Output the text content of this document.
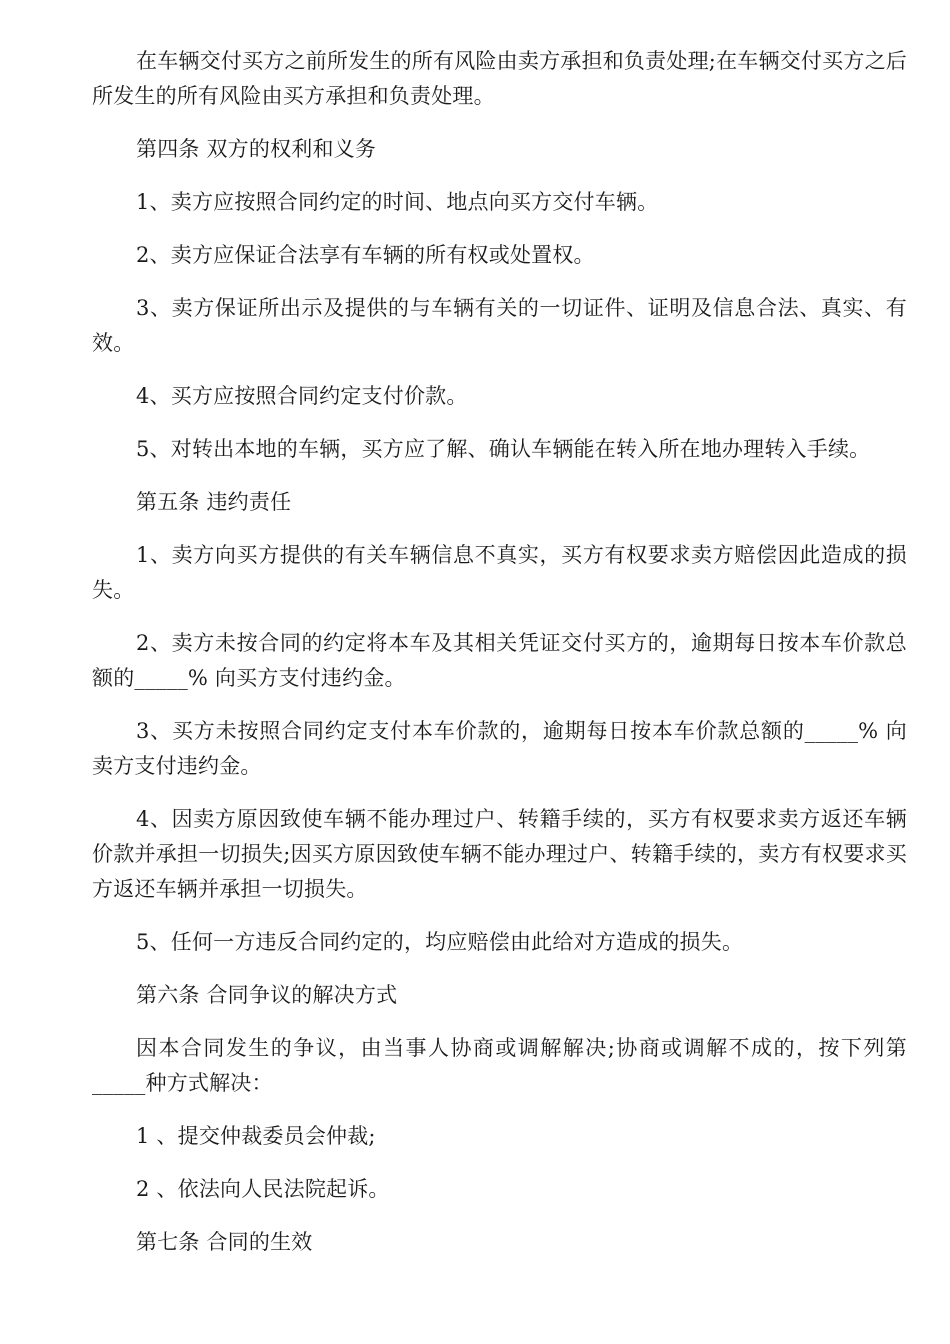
在车辆交付买方之前所发生的所有风险由卖方承担和负责处理;在车辆交付买方之后所发生的所有风险由买方承担和负责处理。

第四条 双方的权利和义务

1、卖方应按照合同约定的时间、地点向买方交付车辆。

2、卖方应保证合法享有车辆的所有权或处置权。

3、卖方保证所出示及提供的与车辆有关的一切证件、证明及信息合法、真实、有效。

4、买方应按照合同约定支付价款。

5、对转出本地的车辆，买方应了解、确认车辆能在转入所在地办理转入手续。

第五条 违约责任

1、卖方向买方提供的有关车辆信息不真实，买方有权要求卖方赔偿因此造成的损失。

2、卖方未按合同的约定将本车及其相关凭证交付买方的，逾期每日按本车价款总额的_____% 向买方支付违约金。

3、买方未按照合同约定支付本车价款的，逾期每日按本车价款总额的_____% 向卖方支付违约金。

4、因卖方原因致使车辆不能办理过户、转籍手续的，买方有权要求卖方返还车辆价款并承担一切损失;因买方原因致使车辆不能办理过户、转籍手续的，卖方有权要求买方返还车辆并承担一切损失。

5、任何一方违反合同约定的，均应赔偿由此给对方造成的损失。

第六条 合同争议的解决方式

因本合同发生的争议，由当事人协商或调解解决;协商或调解不成的，按下列第_____种方式解决：

1 、提交仲裁委员会仲裁;

2 、依法向人民法院起诉。

第七条 合同的生效
